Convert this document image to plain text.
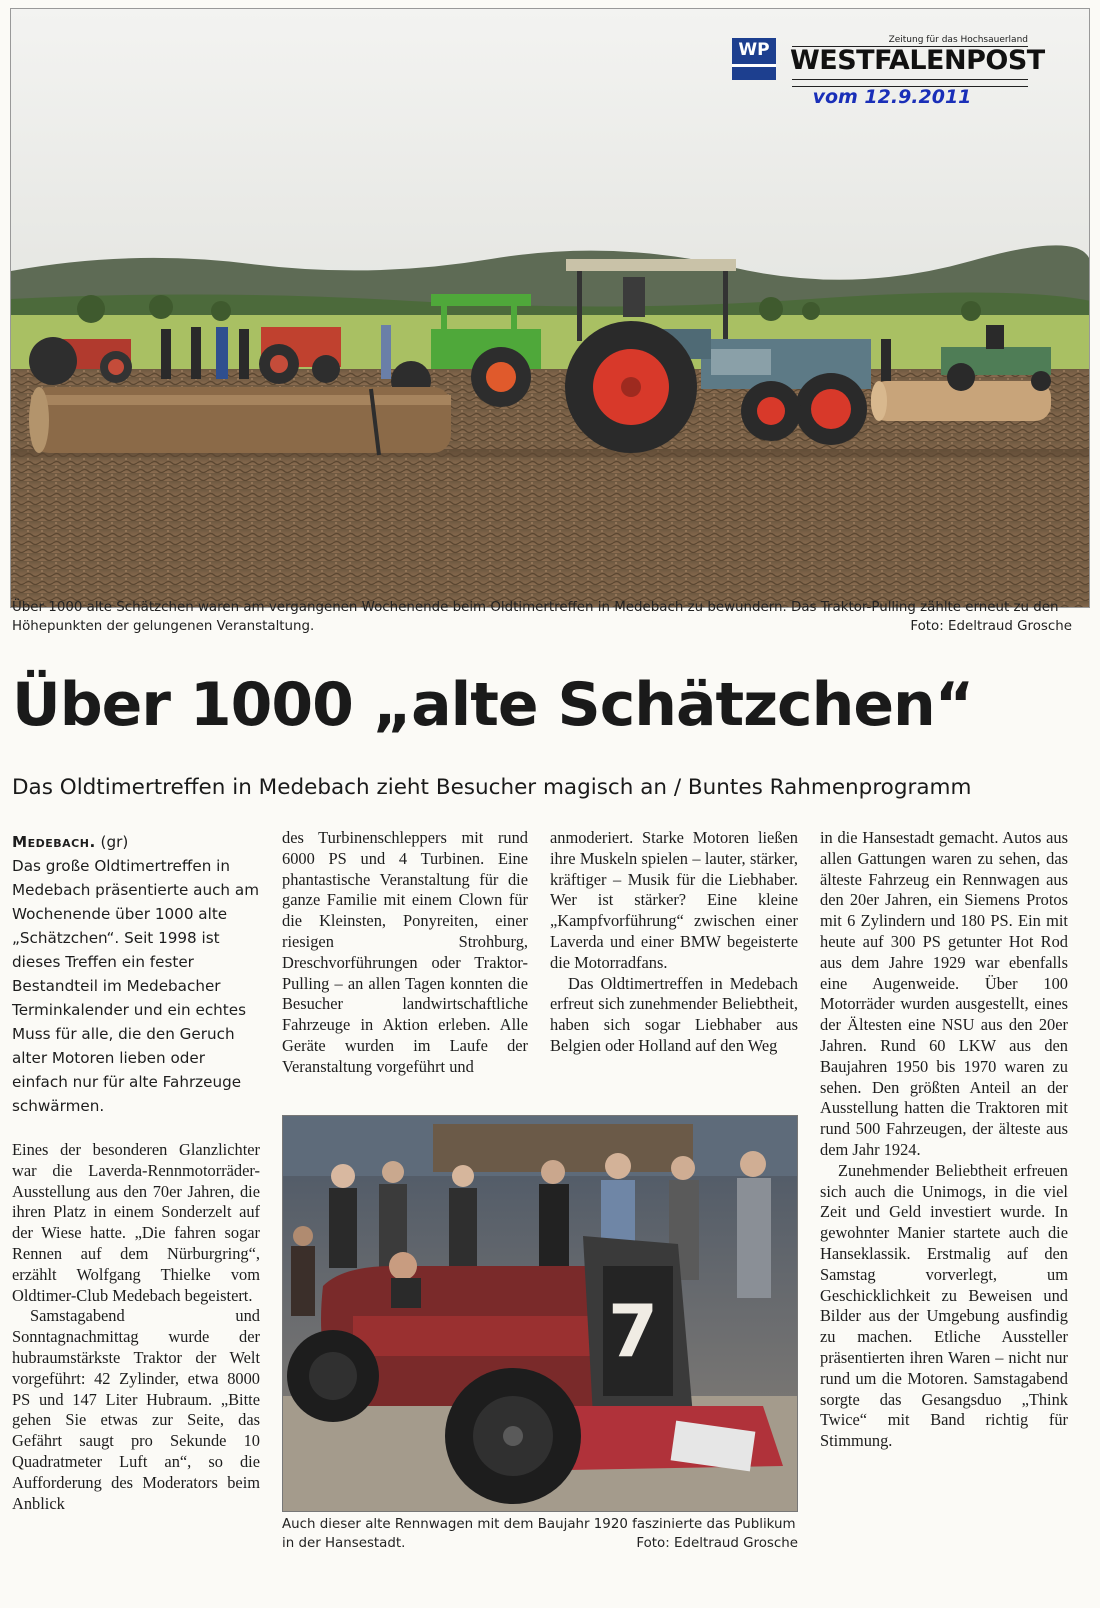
WP	Zeitung für das Hochsauerland
WESTFALENPOST
vom 12.9.2011
Über 1000 alte Schätzchen waren am vergangenen Wochenende beim Oldtimertreffen in Medebach zu bewundern. Das Traktor-Pulling zählte erneut zu den Höhepunkten der gelungenen Veranstaltung.	Foto: Edeltraud Grosche
Über 1000 „alte Schätzchen“
Das Oldtimertreffen in Medebach zieht Besucher magisch an / Buntes Rahmenprogramm

Medebach. (gr)
Das große Oldtimertreffen in Medebach präsentierte auch am Wochenende über 1000 alte „Schätzchen“. Seit 1998 ist dieses Treffen ein fester Bestandteil im Medebacher Terminkalender und ein echtes Muss für alle, die den Geruch alter Motoren lieben oder einfach nur für alte Fahrzeuge schwärmen.

Eines der besonderen Glanzlichter war die Laverda-Rennmotorräder-Ausstellung aus den 70er Jahren, die ihren Platz in einem Sonderzelt auf der Wiese hatte. „Die fahren sogar Rennen auf dem Nürburgring“, erzählt Wolfgang Thielke vom Oldtimer-Club Medebach begeistert.

Samstagabend und Sonntagnachmittag wurde der hubraumstärkste Traktor der Welt vorgeführt: 42 Zylinder, etwa 8000 PS und 147 Liter Hubraum. „Bitte gehen Sie etwas zur Seite, das Gefährt saugt pro Sekunde 10 Quadratmeter Luft an“, so die Aufforderung des Moderators beim Anblick

des Turbinenschleppers mit rund 6000 PS und 4 Turbinen. Eine phantastische Veranstaltung für die ganze Familie mit einem Clown für die Kleinsten, Ponyreiten, einer riesigen Strohburg, Dreschvorführungen oder Traktor-Pulling – an allen Tagen konnten die Besucher landwirtschaftliche Fahrzeuge in Aktion erleben. Alle Geräte wurden im Laufe der Veranstaltung vorgeführt und

anmoderiert. Starke Motoren ließen ihre Muskeln spielen – lauter, stärker, kräftiger – Musik für die Liebhaber. Wer ist stärker? Eine kleine „Kampfvorführung“ zwischen einer Laverda und einer BMW begeisterte die Motorradfans.

Das Oldtimertreffen in Medebach erfreut sich zunehmender Beliebtheit, haben sich sogar Liebhaber aus Belgien oder Holland auf den Weg

in die Hansestadt gemacht. Autos aus allen Gattungen waren zu sehen, das älteste Fahrzeug ein Rennwagen aus den 20er Jahren, ein Siemens Protos mit 6 Zylindern und 180 PS. Ein mit heute auf 300 PS getunter Hot Rod aus dem Jahre 1929 war ebenfalls eine Augenweide. Über 100 Motorräder wurden ausgestellt, eines der Ältesten eine NSU aus den 20er Jahren. Rund 60 LKW aus den Baujahren 1950 bis 1970 waren zu sehen. Den größten Anteil an der Ausstellung hatten die Traktoren mit rund 500 Fahrzeugen, der älteste aus dem Jahr 1924.

Zunehmender Beliebtheit erfreuen sich auch die Unimogs, in die viel Zeit und Geld investiert wurde. In gewohnter Manier startete auch die Hanseklassik. Erstmalig auf den Samstag vorverlegt, um Geschicklichkeit zu Beweisen und Bilder aus der Umgebung ausfindig zu machen. Etliche Aussteller präsentierten ihren Waren – nicht nur rund um die Motoren. Samstagabend sorgte das Gesangsduo „Think Twice“ mit Band richtig für Stimmung.

7
Auch dieser alte Rennwagen mit dem Baujahr 1920 faszinierte das Publikum in der Hansestadt.	Foto: Edeltraud Grosche
